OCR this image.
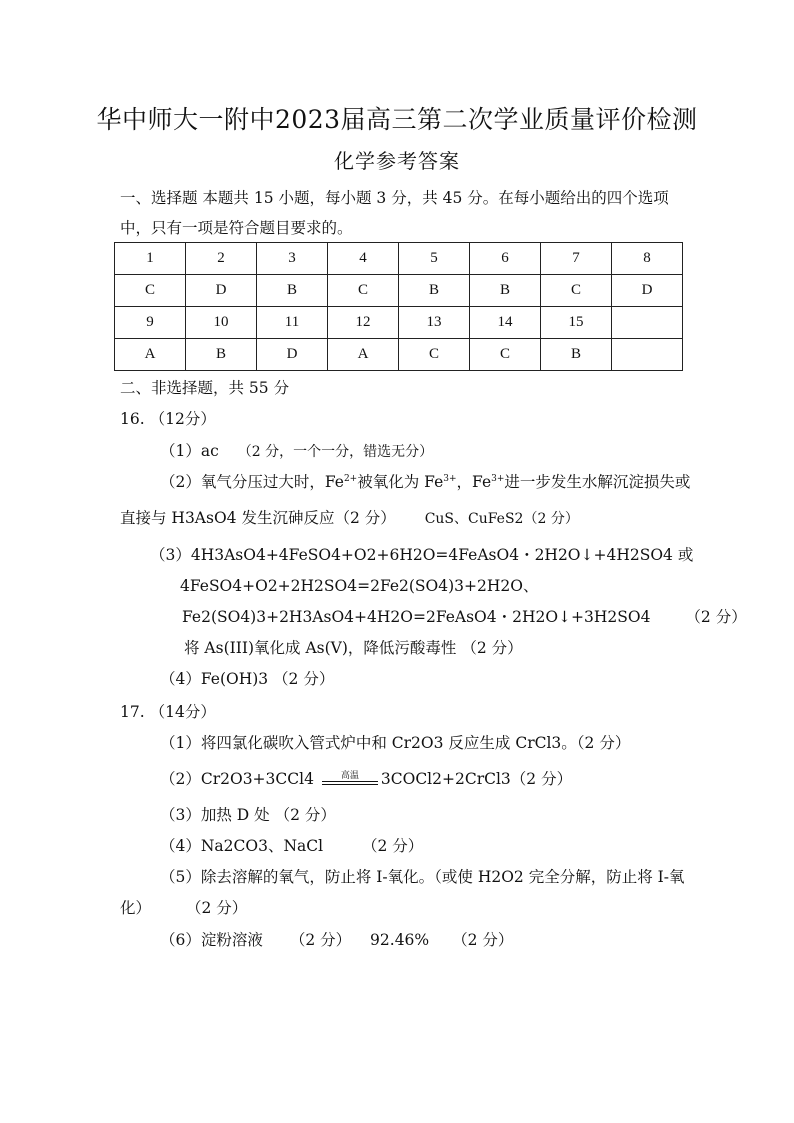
华中师大一附中2023届高三第二次学业质量评价检测
化学参考答案
一、选择题 本题共 15 小题，每小题 3 分，共 45 分。在每小题给出的四个选项
中，只有一项是符合题目要求的。
1	2	3	4	5	6	7	8
C	D	B	C	B	B	C	D
9	10	11	12	13	14	15	
A	B	D	A	C	C	B	
二、非选择题，共 55 分
16. （12分）
（1）ac （2 分，一个一分，错选无分）
（2）氧气分压过大时，$Fe^{2+}$被氧化为 $Fe^{3+}$，$Fe^{3+}$进一步发生水解沉淀损失或
直接与 H3AsO4 发生沉砷反应（2 分） CuS、CuFeS2（2 分）
（3）4H3AsO4+4FeSO4+O2+6H2O=4FeAsO4・2H2O↓+4H2SO4 或
4FeSO4+O2+2H2SO4=2Fe2(SO4)3+2H2O、
Fe2(SO4)3+2H3AsO4+4H2O=2FeAsO4・2H2O↓+3H2SO4 （2 分）
将 As(III)氧化成 As(V)，降低污酸毒性 （2 分）
（4）Fe(OH)3 （2 分）
17. （14分）
（1）将四氯化碳吹入管式炉中和 Cr2O3 反应生成 CrCl3。（2 分）
（2）Cr2O3+3CCl4	高温	3COCl2+2CrCl3（2 分）
（3）加热 D 处 （2 分）
（4）Na2CO3、NaCl	（2 分）
（5）除去溶解的氧气，防止将 I-氧化。（或使 H2O2 完全分解，防止将 I-氧
化） （2 分）
（6）淀粉溶液 （2 分） 92.46% （2 分）
